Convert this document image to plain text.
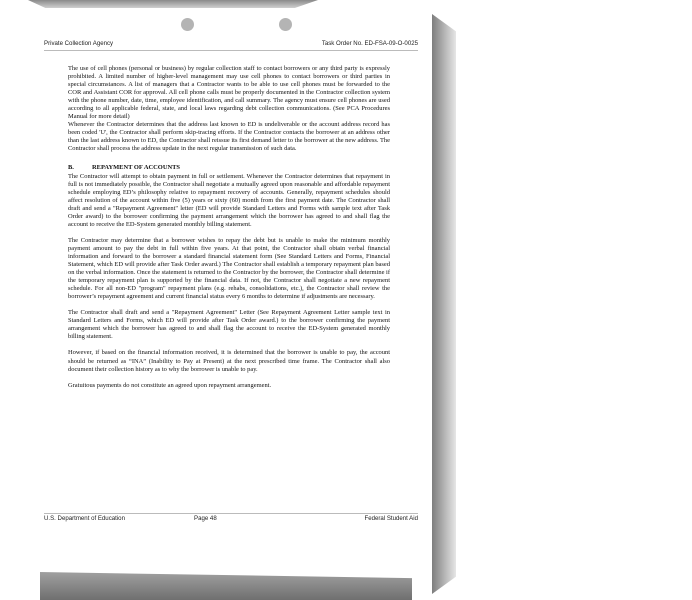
Private Collection Agency	Task Order No. ED-FSA-09-O-0025

The use of cell phones (personal or business) by regular collection staff to contact borrowers or any third party is expressly prohibited. A limited number of higher-level management may use cell phones to contact borrowers or third parties in special circumstances. A list of managers that a Contractor wants to be able to use cell phones must be forwarded to the COR and Assistant COR for approval. All cell phone calls must be properly documented in the Contractor collection system with the phone number, date, time, employee identification, and call summary. The agency must ensure cell phones are used according to all applicable federal, state, and local laws regarding debt collection communications. (See PCA Procedures Manual for more detail)

Whenever the Contractor determines that the address last known to ED is undeliverable or the account address record has been coded 'U', the Contractor shall perform skip-tracing efforts. If the Contractor contacts the borrower at an address other than the last address known to ED, the Contractor shall reissue its first demand letter to the borrower at the new address. The Contractor shall process the address update in the next regular transmission of such data.

B.	REPAYMENT OF ACCOUNTS

The Contractor will attempt to obtain payment in full or settlement. Whenever the Contractor determines that repayment in full is not immediately possible, the Contractor shall negotiate a mutually agreed upon reasonable and affordable repayment schedule employing ED’s philosophy relative to repayment recovery of accounts. Generally, repayment schedules should affect resolution of the account within five (5) years or sixty (60) month from the first payment date. The Contractor shall draft and send a "Repayment Agreement" letter (ED will provide Standard Letters and Forms with sample text after Task Order award) to the borrower confirming the payment arrangement which the borrower has agreed to and shall flag the account to receive the ED-System generated monthly billing statement.

The Contractor may determine that a borrower wishes to repay the debt but is unable to make the minimum monthly payment amount to pay the debt in full within five years. At that point, the Contractor shall obtain verbal financial information and forward to the borrower a standard financial statement form (See Standard Letters and Forms, Financial Statement, which ED will provide after Task Order award.) The Contractor shall establish a temporary repayment plan based on the verbal information. Once the statement is returned to the Contractor by the borrower, the Contractor shall determine if the temporary repayment plan is supported by the financial data. If not, the Contractor shall negotiate a new repayment schedule. For all non-ED "program" repayment plans (e.g. rehabs, consolidations, etc.), the Contractor shall review the borrower’s repayment agreement and current financial status every 6 months to determine if adjustments are necessary.

The Contractor shall draft and send a "Repayment Agreement" Letter (See Repayment Agreement Letter sample text in Standard Letters and Forms, which ED will provide after Task Order award.) to the borrower confirming the payment arrangement which the borrower has agreed to and shall flag the account to receive the ED-System generated monthly billing statement.

However, if based on the financial information received, it is determined that the borrower is unable to pay, the account should be returned as “INA” (Inability to Pay at Present) at the next prescribed time frame. The Contractor shall also document their collection history as to why the borrower is unable to pay.

Gratuitous payments do not constitute an agreed upon repayment arrangement.

U.S. Department of Education	Page 48	Federal Student Aid
